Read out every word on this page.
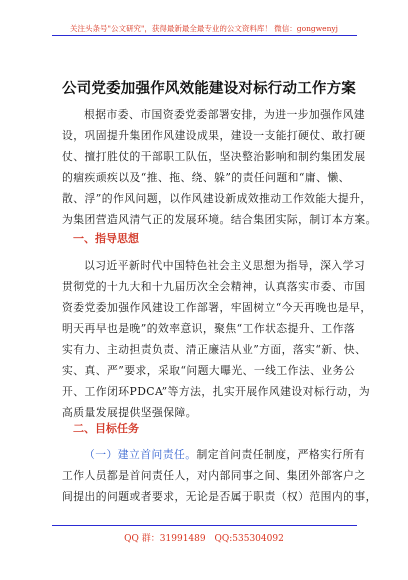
关注头条号"公文研究"，获得最新最全最专业的公文资料库！ 微信：gongwenyj
公司党委加强作风效能建设对标行动工作方案
根据市委、市国资委党委部署安排，为进一步加强作风建
设，巩固提升集团作风建设成果，建设一支能打硬仗、敢打硬
仗、擅打胜仗的干部职工队伍，坚决整治影响和制约集团发展
的痼疾顽疾以及“推、拖、绕、躲”的责任问题和“庸、懒、
散、浮”的作风问题，以作风建设新成效推动工作效能大提升，
为集团营造风清气正的发展环境。结合集团实际，制订本方案。
一、指导思想
以习近平新时代中国特色社会主义思想为指导，深入学习
贯彻党的十九大和十九届历次全会精神，认真落实市委、市国
资委党委加强作风建设工作部署，牢固树立“今天再晚也是早，
明天再早也是晚”的效率意识，聚焦“工作状态提升、工作落
实有力、主动担责负责、清正廉洁从业”方面，落实“新、快、
实、真、严”要求，采取“问题大曝光、一线工作法、业务公
开、工作闭环PDCA”等方法，扎实开展作风建设对标行动，为
高质量发展提供坚强保障。
二、目标任务
（一）建立首问责任。制定首问责任制度，严格实行所有
工作人员都是首问责任人，对内部同事之间、集团外部客户之
间提出的问题或者要求，无论是否属于职责（权）范围内的事，
QQ 群：31991489 QQ:535304092
